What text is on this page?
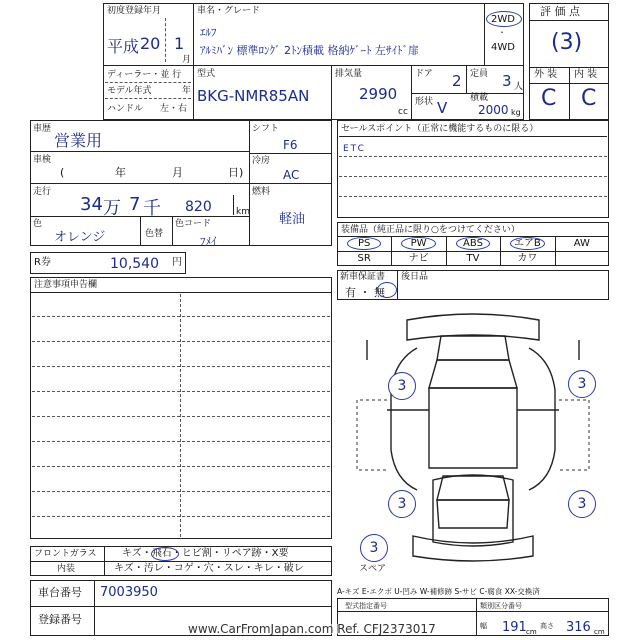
初度登録年月
平成 20 1
月
車名・グレード
ｴﾙﾌ
ｱﾙﾐﾊﾞﾝ 標準ﾛﾝｸﾞ 2ﾄﾝ積載 格納ｹﾞｰﾄ 左ｻｲﾄﾞ扉
2WD
・
4WD
ディーラー・並 行
モデル年式	年
ハンドル 左・右
型式
BKG-NMR85AN
排気量
2990
cc
ドア 2 定員 3 人
形状 V
積載
2000 kg
評 価 点
(3)
外 装 内 装
C C
車歴
営業用
車検
(	年	月	日)
走行
34 万 7 千 820	km
色
オレンジ	色替
色コード
ﾌﾒｲ
シフト
F6
冷房
AC
燃料
軽油
R券	10,540 円
注意事項申告欄
セールスポイント（正常に機能するものに限る）
ETC
装備品（純正品に限り○をつけてください）
PS	PW	ABS	エアB	AW
SR	ナビ	TV	カワ
新車保証書
有 ・ 無
後日品
3	3
3	3
3
スペア
A-キズ E-エクボ U-凹み W-補修跡 S-サビ C-腐食 XX-交換済
フロントガラス	キズ・飛石・ヒビ割・リペア跡・X要
内装	キズ・汚レ・コゲ・穴・スレ・キレ・破レ
車台番号 7003950
登録番号
型式指定番号	類別区分番号
幅 191 cm
高さ 316 cm
www.CarFromJapan.com Ref. CFJ2373017
